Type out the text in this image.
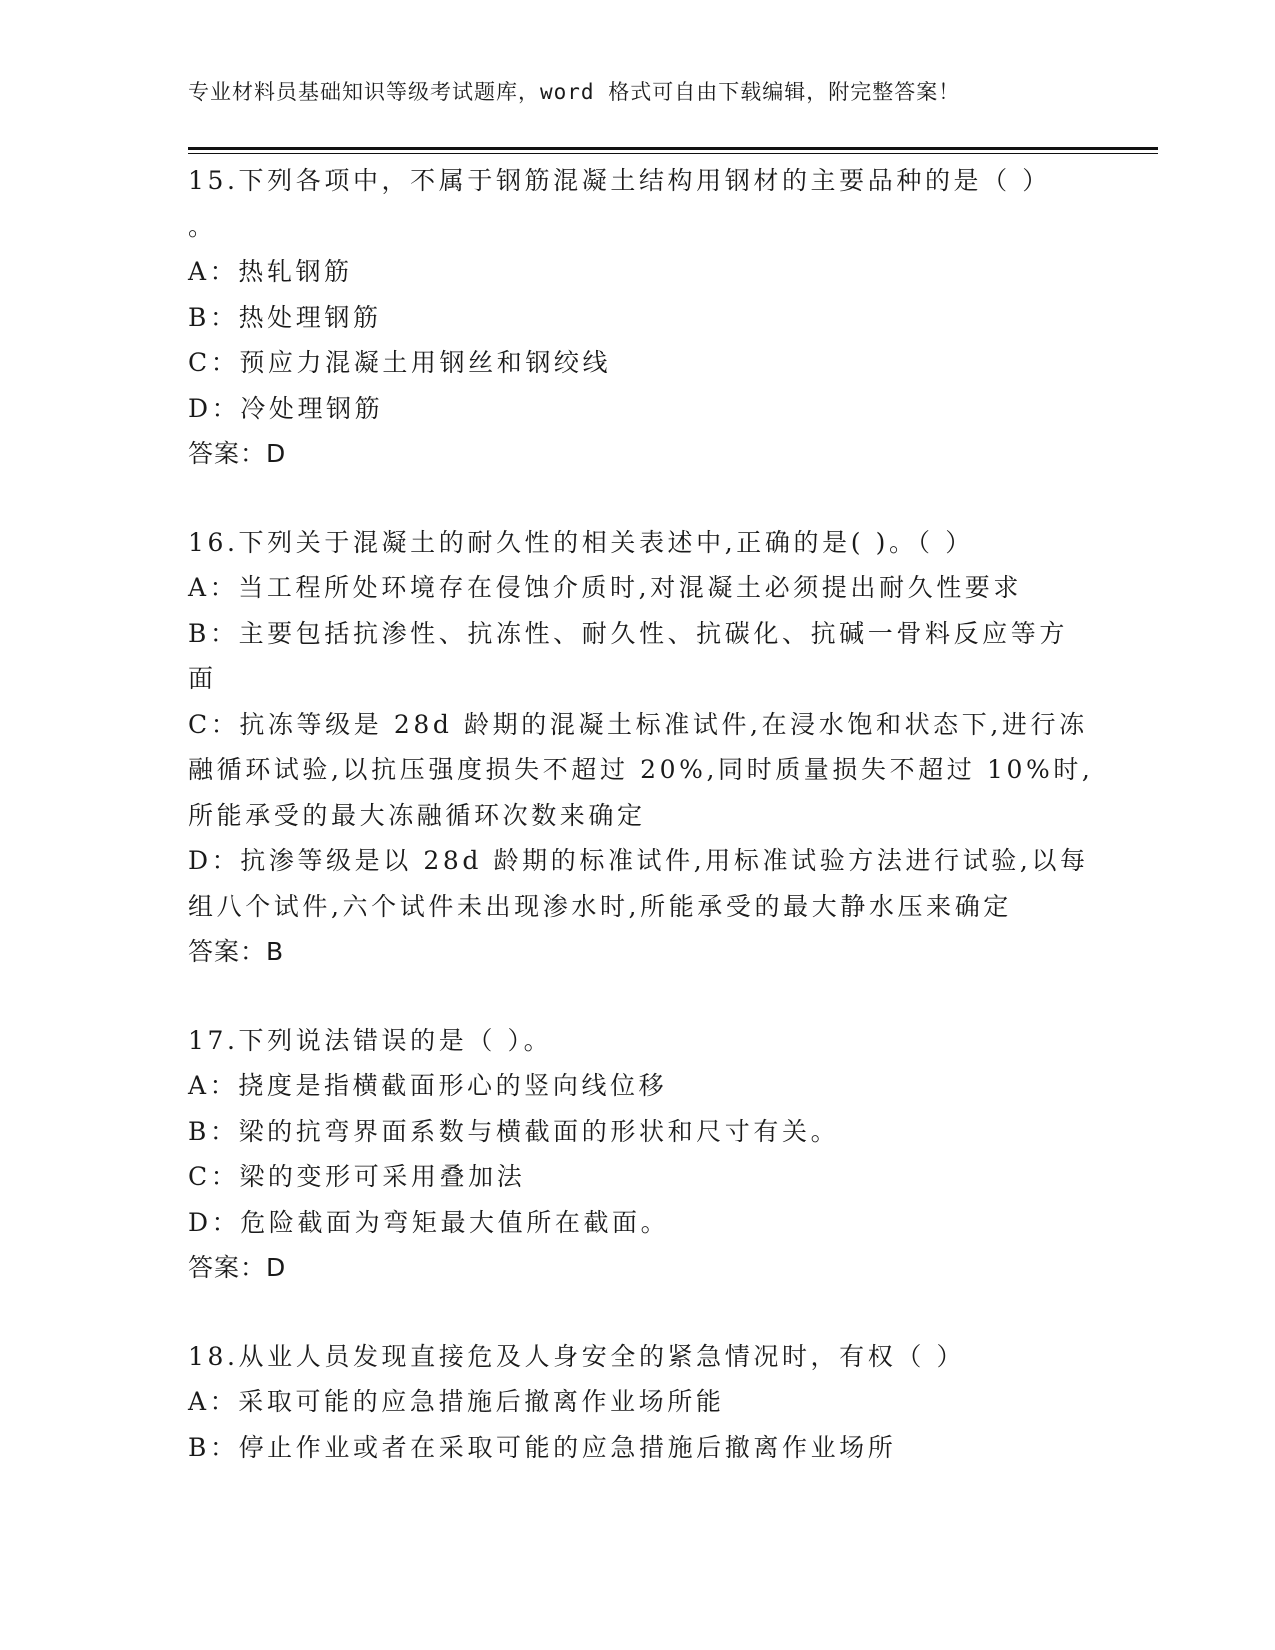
专业材料员基础知识等级考试题库，word 格式可自由下载编辑，附完整答案！
15.下列各项中，不属于钢筋混凝土结构用钢材的主要品种的是（ ）
。
A：热轧钢筋
B：热处理钢筋
C：预应力混凝土用钢丝和钢绞线
D：冷处理钢筋
答案：D
16.下列关于混凝土的耐久性的相关表述中,正确的是( )。（ ）
A：当工程所处环境存在侵蚀介质时,对混凝土必须提出耐久性要求
B：主要包括抗渗性、抗冻性、耐久性、抗碳化、抗碱一骨料反应等方
面
C：抗冻等级是 28d 龄期的混凝土标准试件,在浸水饱和状态下,进行冻
融循环试验,以抗压强度损失不超过 20%,同时质量损失不超过 10%时,
所能承受的最大冻融循环次数来确定
D：抗渗等级是以 28d 龄期的标准试件,用标准试验方法进行试验,以每
组八个试件,六个试件未出现渗水时,所能承受的最大静水压来确定
答案：B
17.下列说法错误的是（ ）。
A：挠度是指横截面形心的竖向线位移
B：梁的抗弯界面系数与横截面的形状和尺寸有关。
C：梁的变形可采用叠加法
D：危险截面为弯矩最大值所在截面。
答案：D
18.从业人员发现直接危及人身安全的紧急情况时，有权（ ）
A：采取可能的应急措施后撤离作业场所能
B：停止作业或者在采取可能的应急措施后撤离作业场所
